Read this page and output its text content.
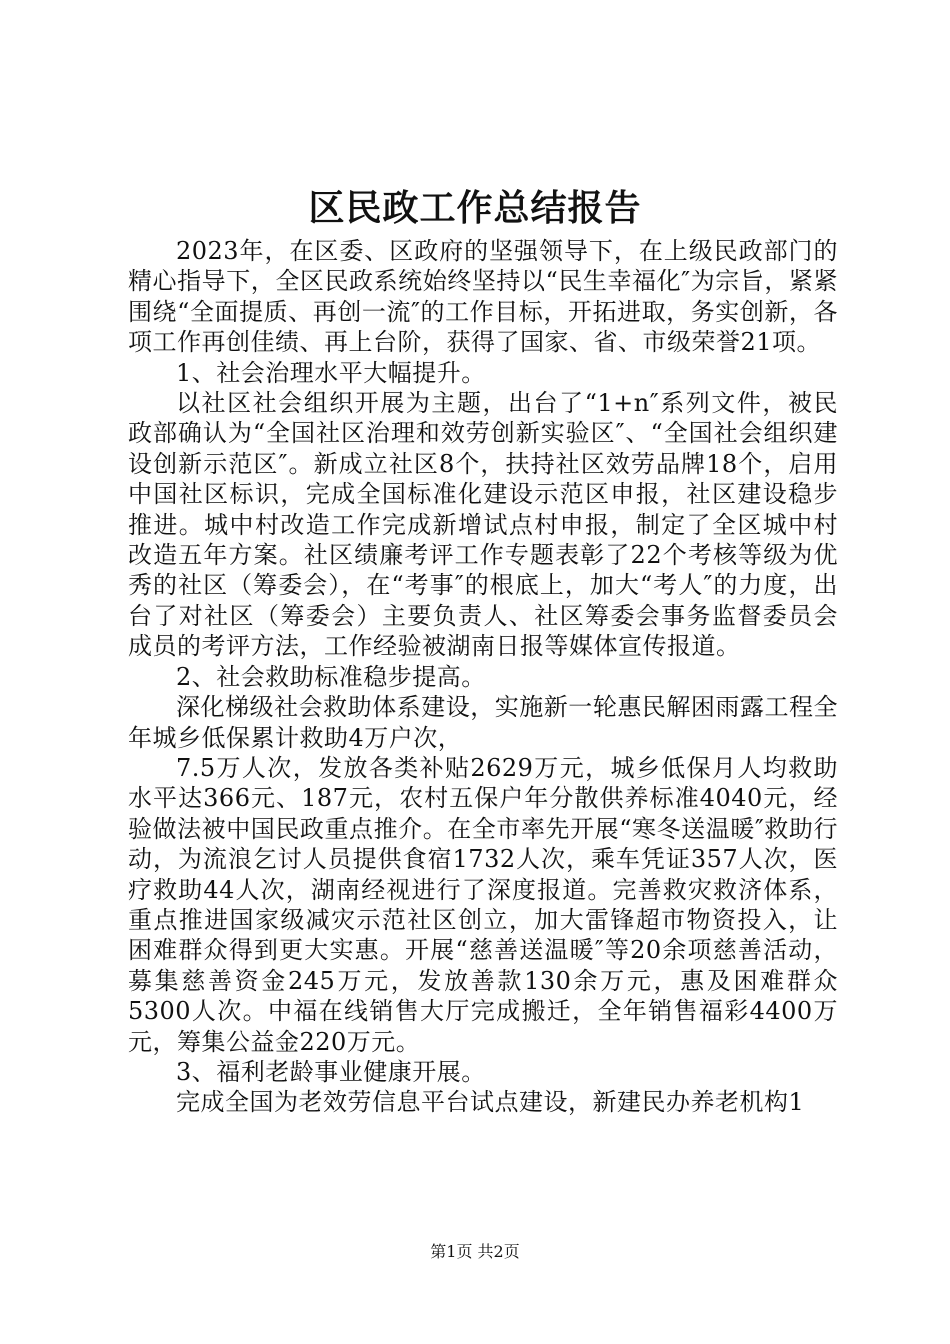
区民政工作总结报告

2023年，在区委、区政府的坚强领导下，在上级民政部门的精心指导下，全区民政系统始终坚持以“民生幸福化″为宗旨，紧紧围绕“全面提质、再创一流″的工作目标，开拓进取，务实创新，各项工作再创佳绩、再上台阶，获得了国家、省、市级荣誉21项。

1、社会治理水平大幅提升。

以社区社会组织开展为主题，出台了“1+n″系列文件，被民政部确认为“全国社区治理和效劳创新实验区″、“全国社会组织建设创新示范区″。新成立社区8个，扶持社区效劳品牌18个，启用中国社区标识，完成全国标准化建设示范区申报，社区建设稳步推进。城中村改造工作完成新增试点村申报，制定了全区城中村改造五年方案。社区绩廉考评工作专题表彰了22个考核等级为优秀的社区（筹委会），在“考事″的根底上，加大“考人″的力度，出台了对社区（筹委会）主要负责人、社区筹委会事务监督委员会成员的考评方法，工作经验被湖南日报等媒体宣传报道。

2、社会救助标准稳步提高。

深化梯级社会救助体系建设，实施新一轮惠民解困雨露工程全年城乡低保累计救助4万户次，

7.5万人次，发放各类补贴2629万元，城乡低保月人均救助水平达366元、187元，农村五保户年分散供养标准4040元，经验做法被中国民政重点推介。在全市率先开展“寒冬送温暖″救助行动，为流浪乞讨人员提供食宿1732人次，乘车凭证357人次，医疗救助44人次，湖南经视进行了深度报道。完善救灾救济体系，重点推进国家级减灾示范社区创立，加大雷锋超市物资投入，让困难群众得到更大实惠。开展“慈善送温暖″等20余项慈善活动，募集慈善资金245万元，发放善款130余万元，惠及困难群众5300人次。中福在线销售大厅完成搬迁，全年销售福彩4400万元，筹集公益金220万元。

3、福利老龄事业健康开展。

完成全国为老效劳信息平台试点建设，新建民办养老机构1

第1页 共2页
